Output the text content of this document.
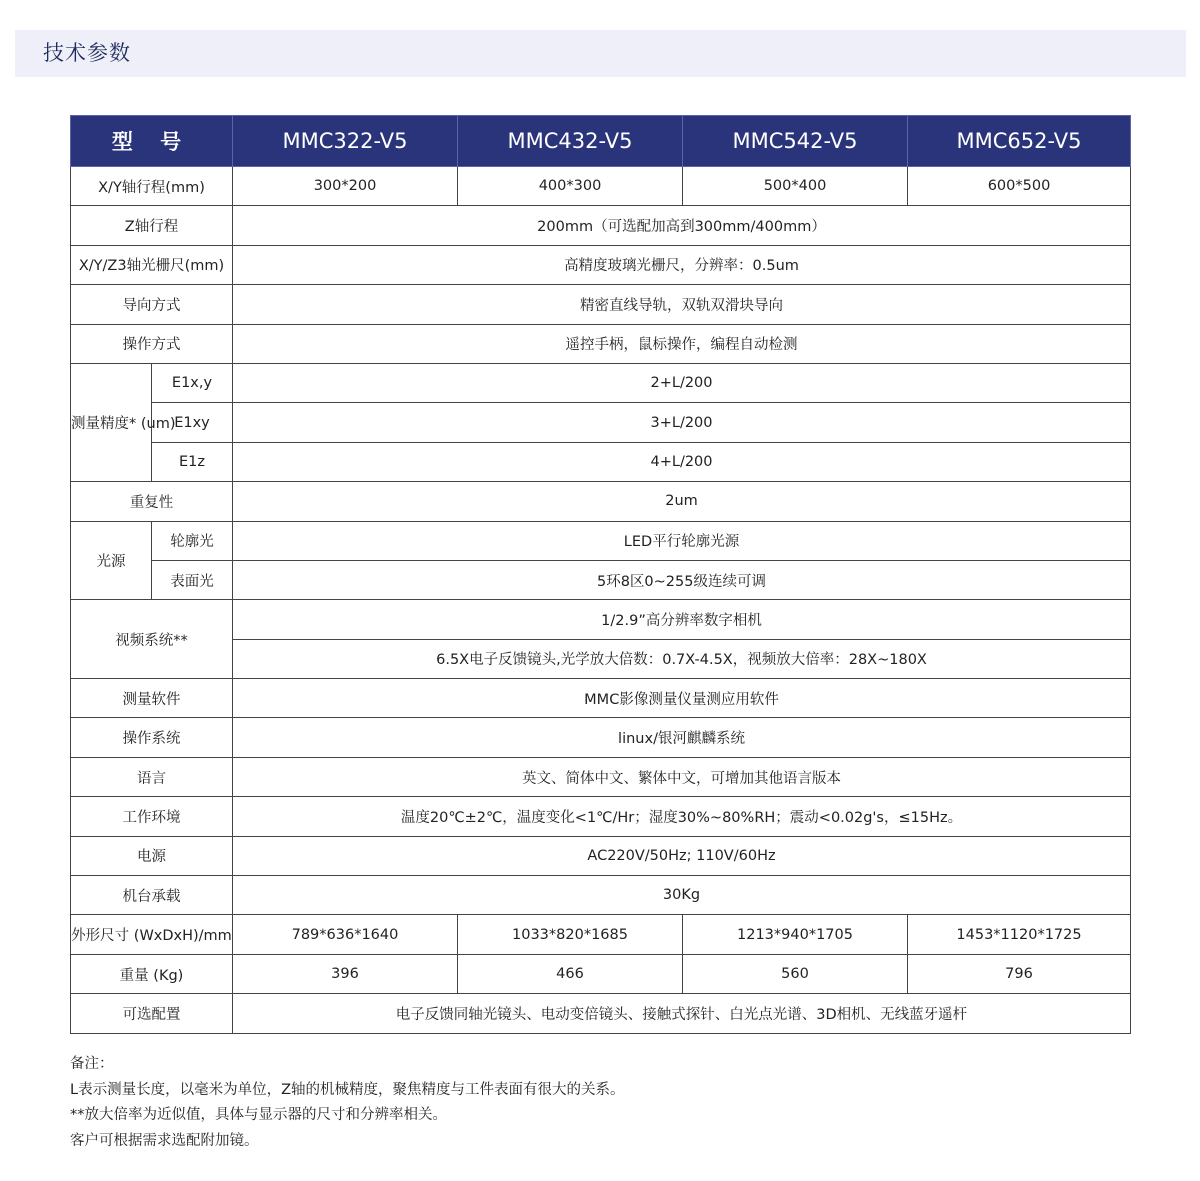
技术参数
型 号		MMC322-V5	MMC432-V5	MMC542-V5	MMC652-V5
X/Y轴行程(mm)		300*200	400*300	500*400	600*500
Z轴行程		200mm（可选配加高到300mm/400mm）			
X/Y/Z3轴光栅尺(mm)		高精度玻璃光栅尺，分辨率：0.5um			
导向方式		精密直线导轨，双轨双滑块导向			
操作方式		遥控手柄，鼠标操作，编程自动检测			
测量精度* (um)	E1x,y	2+L/200			
	E1xy	3+L/200			
	E1z	4+L/200			
重复性		2um			
光源	轮廓光	LED平行轮廓光源			
	表面光	5环8区0~255级连续可调			
视频系统**		1/2.9”高分辨率数字相机			
		6.5X电子反馈镜头,光学放大倍数：0.7X-4.5X，视频放大倍率：28X~180X			
测量软件		MMC影像测量仪量测应用软件			
操作系统		linux/银河麒麟系统			
语言		英文、简体中文、繁体中文，可增加其他语言版本			
工作环境		温度20℃±2℃，温度变化<1℃/Hr；湿度30%~80%RH；震动<0.02g's，≤15Hz。			
电源		AC220V/50Hz; 110V/60Hz			
机台承载		30Kg			
外形尺寸 (WxDxH)/mm		789*636*1640	1033*820*1685	1213*940*1705	1453*1120*1725
重量 (Kg)		396	466	560	796
可选配置		电子反馈同轴光镜头、电动变倍镜头、接触式探针、白光点光谱、3D相机、无线蓝牙遥杆			
备注：
L表示测量长度，以毫米为单位，Z轴的机械精度，聚焦精度与工件表面有很大的关系。
**放大倍率为近似值，具体与显示器的尺寸和分辨率相关。
客户可根据需求选配附加镜。
